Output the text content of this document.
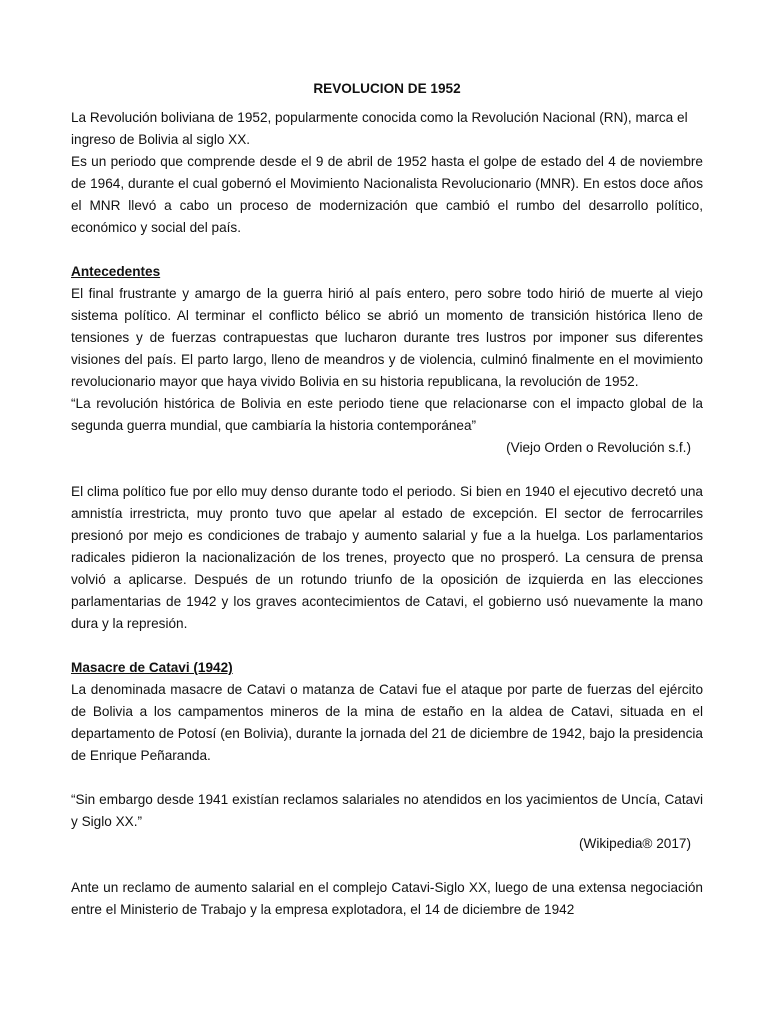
REVOLUCION DE 1952

La Revolución boliviana de 1952, popularmente conocida como la Revolución Nacional (RN), marca el ingreso de Bolivia al siglo XX.

Es un periodo que comprende desde el 9 de abril de 1952 hasta el golpe de estado del 4 de noviembre de 1964, durante el cual gobernó el Movimiento Nacionalista Revolucionario (MNR). En estos doce años el MNR llevó a cabo un proceso de modernización que cambió el rumbo del desarrollo político, económico y social del país.

Antecedentes

El final frustrante y amargo de la guerra hirió al país entero, pero sobre todo hirió de muerte al viejo sistema político. Al terminar el conflicto bélico se abrió un momento de transición histórica lleno de tensiones y de fuerzas contrapuestas que lucharon durante tres lustros por imponer sus diferentes visiones del país. El parto largo, lleno de meandros y de violencia, culminó finalmente en el movimiento revolucionario mayor que haya vivido Bolivia en su historia republicana, la revolución de 1952.

“La revolución histórica de Bolivia en este periodo tiene que relacionarse con el impacto global de la segunda guerra mundial, que cambiaría la historia contemporánea”

(Viejo Orden o Revolución s.f.)

El clima político fue por ello muy denso durante todo el periodo. Si bien en 1940 el ejecutivo decretó una amnistía irrestricta, muy pronto tuvo que apelar al estado de excepción. El sector de ferrocarriles presionó por mejo es condiciones de trabajo y aumento salarial y fue a la huelga. Los parlamentarios radicales pidieron la nacionalización de los trenes, proyecto que no prosperó. La censura de prensa volvió a aplicarse. Después de un rotundo triunfo de la oposición de izquierda en las elecciones parlamentarias de 1942 y los graves acontecimientos de Catavi, el gobierno usó nuevamente la mano dura y la represión.

Masacre de Catavi (1942)

La denominada masacre de Catavi o matanza de Catavi fue el ataque por parte de fuerzas del ejército de Bolivia a los campamentos mineros de la mina de estaño en la aldea de Catavi, situada en el departamento de Potosí (en Bolivia), durante la jornada del 21 de diciembre de 1942, bajo la presidencia de Enrique Peñaranda.

“Sin embargo desde 1941 existían reclamos salariales no atendidos en los yacimientos de Uncía, Catavi y Siglo XX.”

(Wikipedia® 2017)

Ante un reclamo de aumento salarial en el complejo Catavi-Siglo XX, luego de una extensa negociación entre el Ministerio de Trabajo y la empresa explotadora, el 14 de diciembre de 1942
